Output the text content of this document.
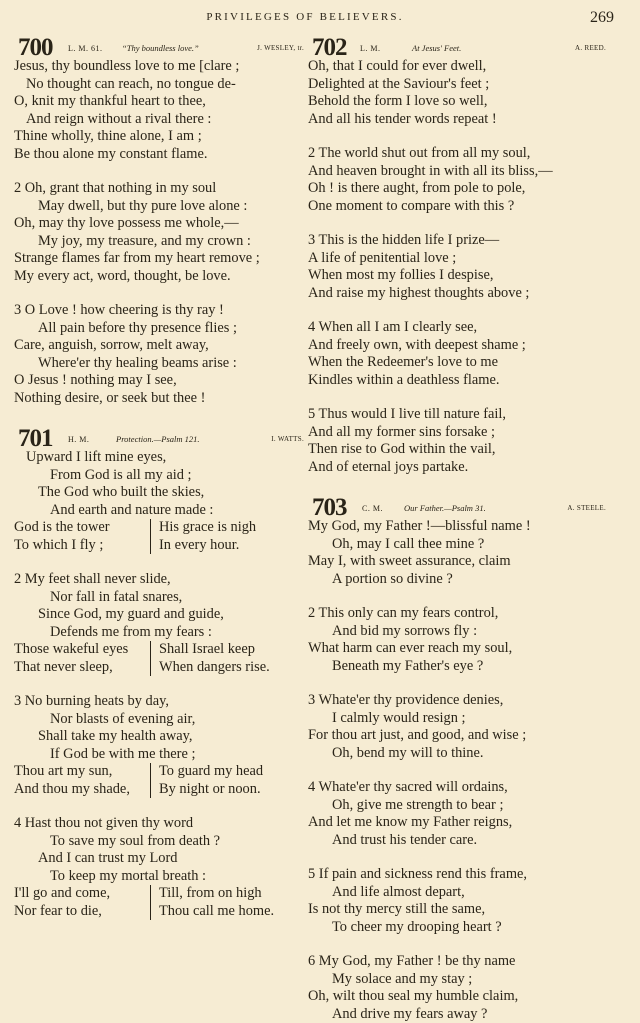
PRIVILEGES OF BELIEVERS.	269
700 L. M. 61. “Thy boundless love.”	J. WESLEY, tr.
Jesus, thy boundless love to me [clare ;
No thought can reach, no tongue de-
O, knit my thankful heart to thee,
And reign without a rival there :
Thine wholly, thine alone, I am ;
Be thou alone my constant flame.
2 Oh, grant that nothing in my soul
May dwell, but thy pure love alone :
Oh, may thy love possess me whole,—
My joy, my treasure, and my crown :
Strange flames far from my heart remove ;
My every act, word, thought, be love.
3 O Love ! how cheering is thy ray !
All pain before thy presence flies ;
Care, anguish, sorrow, melt away,
Where'er thy healing beams arise :
O Jesus ! nothing may I see,
Nothing desire, or seek but thee !
701 H. M.	Protection.—Psalm 121.	I. WATTS.
Upward I lift mine eyes,
From God is all my aid ;
The God who built the skies,
And earth and nature made :
God is the tower	His grace is nigh
To which I fly ;	In every hour.
2 My feet shall never slide,
Nor fall in fatal snares,
Since God, my guard and guide,
Defends me from my fears :
Those wakeful eyes	Shall Israel keep
That never sleep,	When dangers rise.
3 No burning heats by day,
Nor blasts of evening air,
Shall take my health away,
If God be with me there ;
Thou art my sun,	To guard my head
And thou my shade,	By night or noon.
4 Hast thou not given thy word
To save my soul from death ?
And I can trust my Lord
To keep my mortal breath :
I'll go and come,	Till, from on high
Nor fear to die,	Thou call me home.
702 L. M.	At Jesus' Feet.	A. REED.
Oh, that I could for ever dwell,
Delighted at the Saviour's feet ;
Behold the form I love so well,
And all his tender words repeat !
2 The world shut out from all my soul,
And heaven brought in with all its bliss,—
Oh ! is there aught, from pole to pole,
One moment to compare with this ?
3 This is the hidden life I prize—
A life of penitential love ;
When most my follies I despise,
And raise my highest thoughts above ;
4 When all I am I clearly see,
And freely own, with deepest shame ;
When the Redeemer's love to me
Kindles within a deathless flame.
5 Thus would I live till nature fail,
And all my former sins forsake ;
Then rise to God within the vail,
And of eternal joys partake.
703 C. M. Our Father.—Psalm 31.	A. STEELE.
My God, my Father !—blissful name !
Oh, may I call thee mine ?
May I, with sweet assurance, claim
A portion so divine ?
2 This only can my fears control,
And bid my sorrows fly :
What harm can ever reach my soul,
Beneath my Father's eye ?
3 Whate'er thy providence denies,
I calmly would resign ;
For thou art just, and good, and wise ;
Oh, bend my will to thine.
4 Whate'er thy sacred will ordains,
Oh, give me strength to bear ;
And let me know my Father reigns,
And trust his tender care.
5 If pain and sickness rend this frame,
And life almost depart,
Is not thy mercy still the same,
To cheer my drooping heart ?
6 My God, my Father ! be thy name
My solace and my stay ;
Oh, wilt thou seal my humble claim,
And drive my fears away ?
